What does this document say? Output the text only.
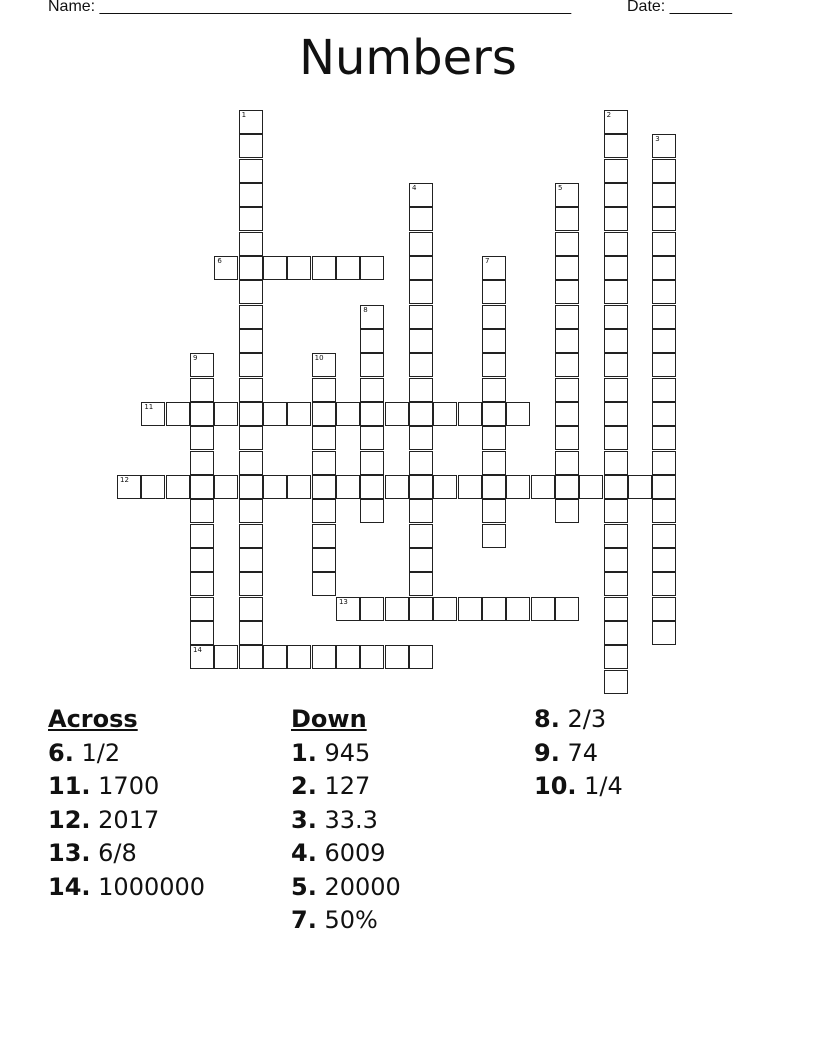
Name: _____________________________________________________	Date: _______
Numbers
1	2
3
4	5
6	7
8
9	10
11
12
13
14
Across
6. 1/2
11. 1700
12. 2017
13. 6/8
14. 1000000
Down
1. 945
2. 127
3. 33.3
4. 6009
5. 20000
7. 50%
8. 2/3
9. 74
10. 1/4
